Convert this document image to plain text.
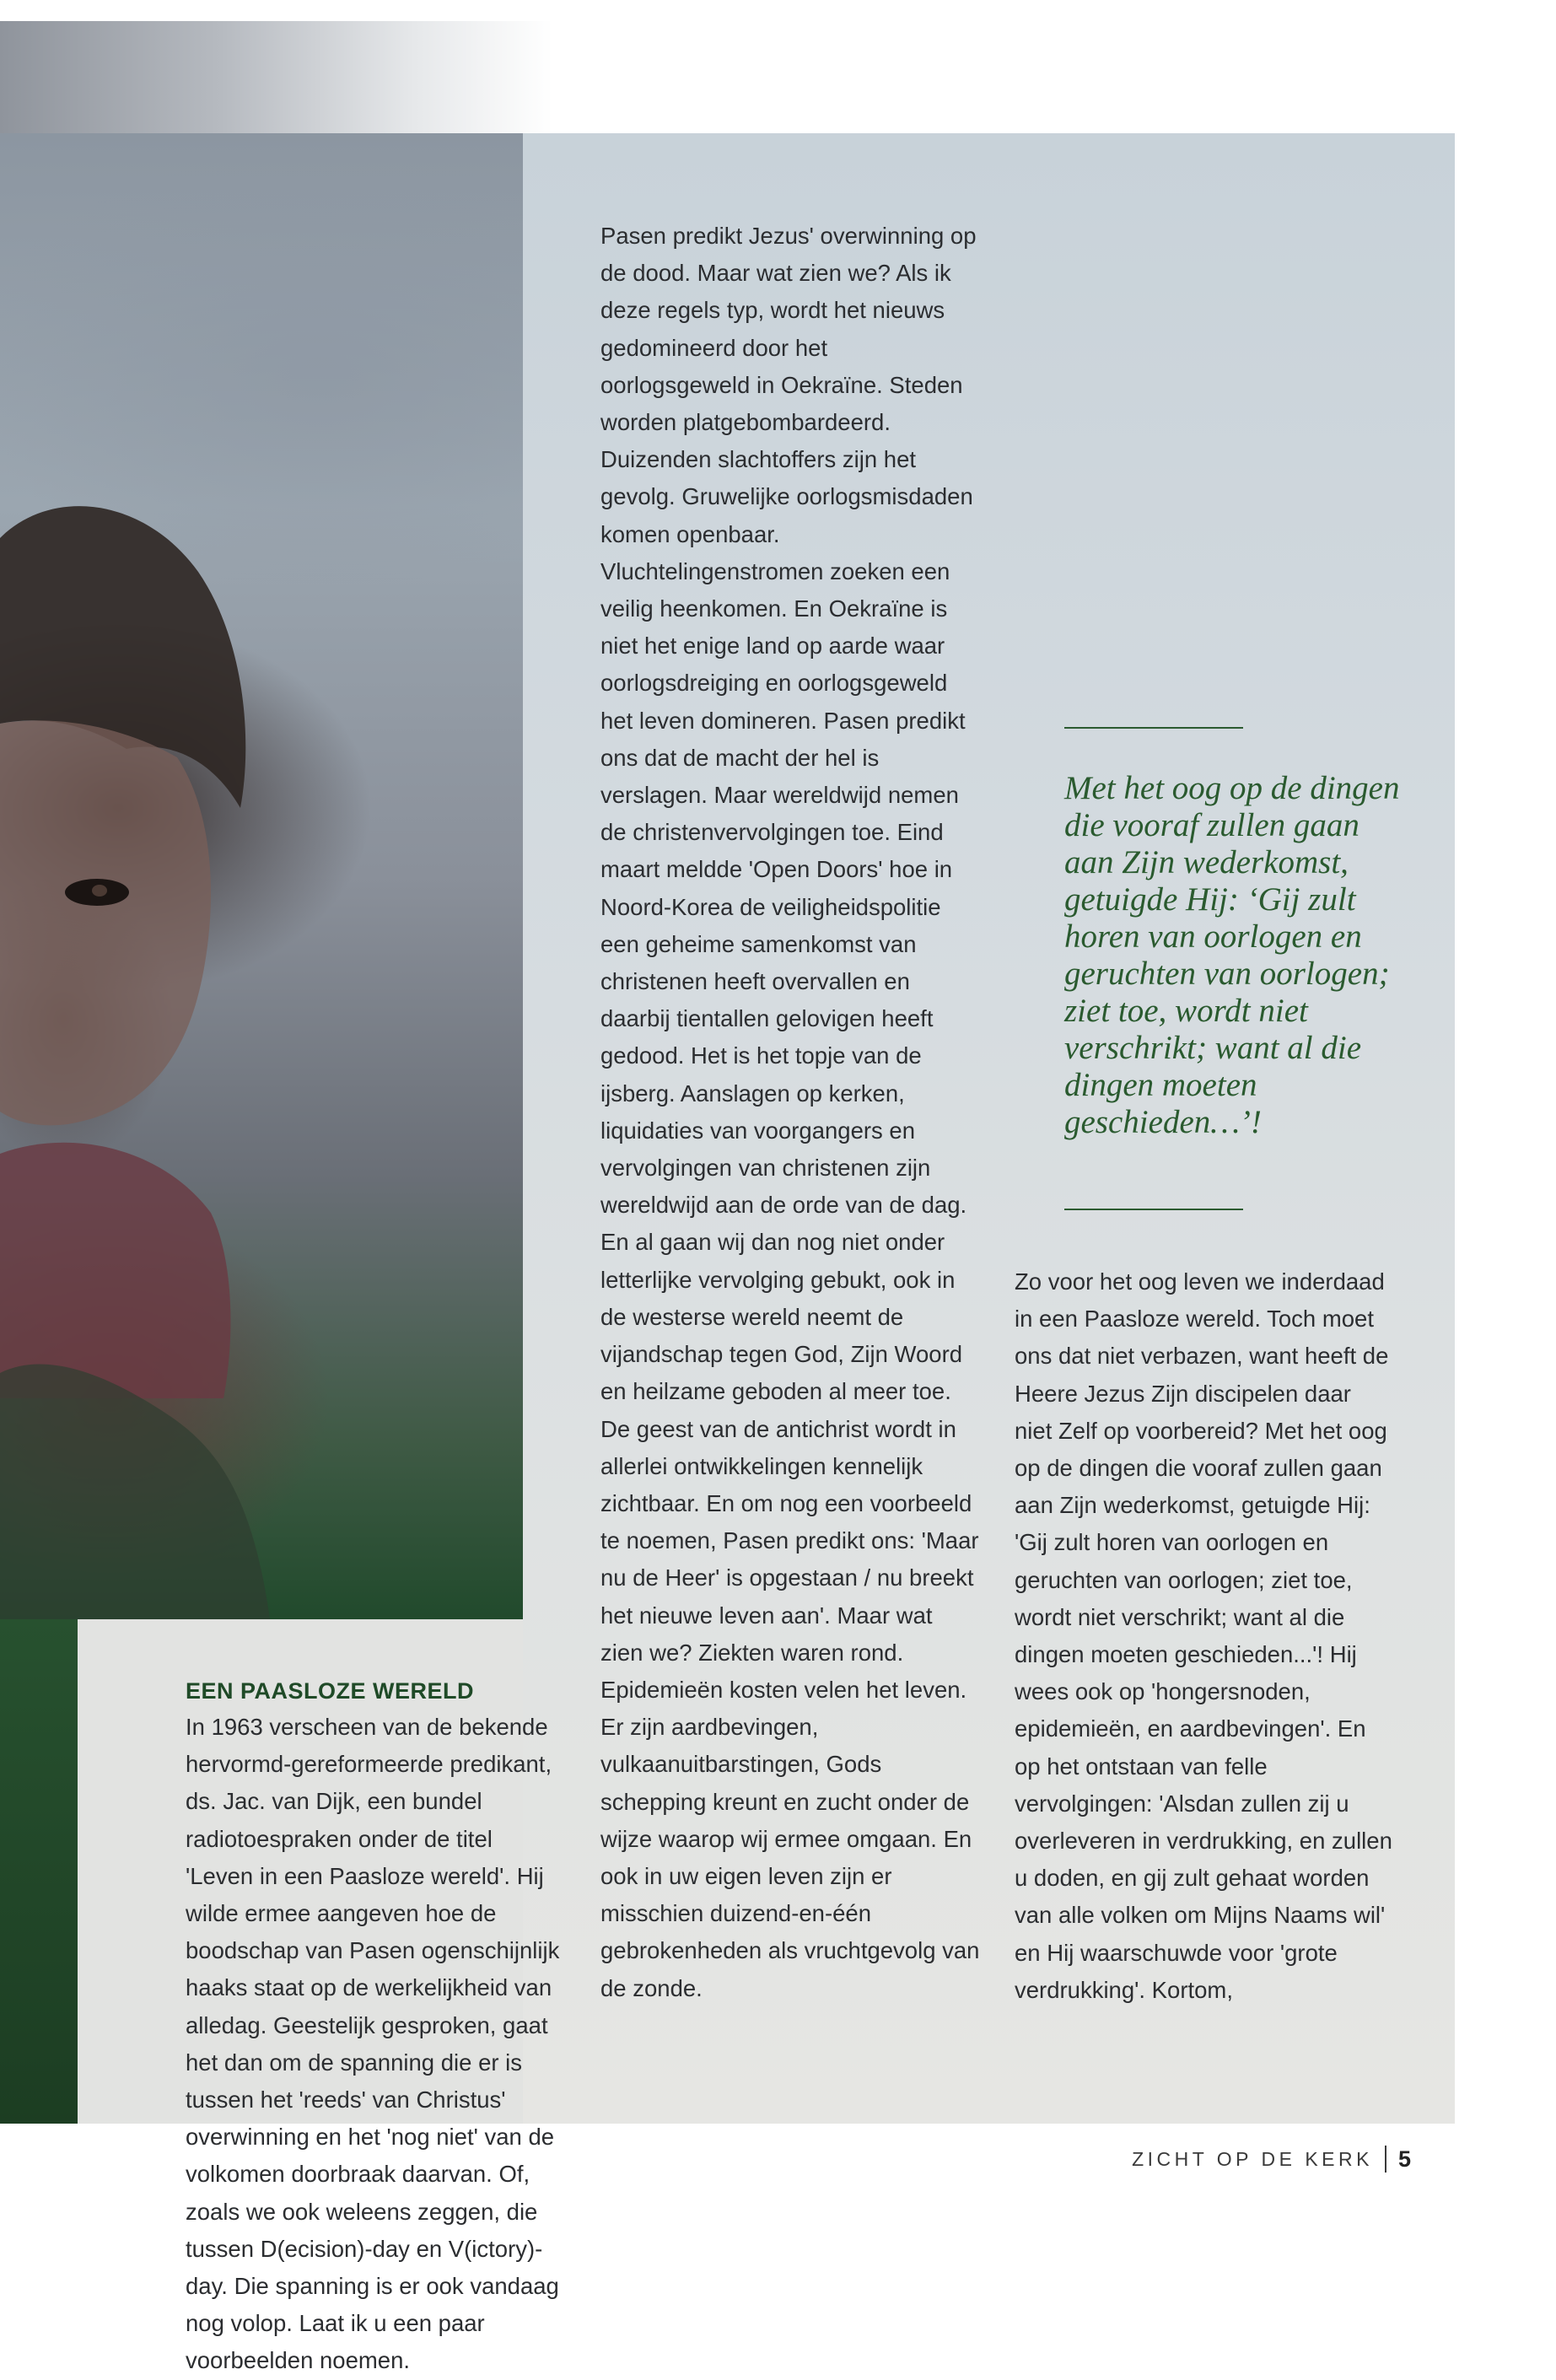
EEN PAASLOZE WERELD

In 1963 verscheen van de bekende hervormd-gereformeerde predikant, ds. Jac. van Dijk, een bundel radiotoespraken onder de titel 'Leven in een Paasloze wereld'. Hij wilde ermee aangeven hoe de boodschap van Pasen ogenschijnlijk haaks staat op de werkelijkheid van alledag. Geestelijk gesproken, gaat het dan om de spanning die er is tussen het 'reeds' van Christus' overwinning en het 'nog niet' van de volkomen doorbraak daarvan. Of, zoals we ook weleens zeggen, die tussen D(ecision)-day en V(ictory)-day. Die spanning is er ook vandaag nog volop. Laat ik u een paar voorbeelden noemen.

Pasen predikt Jezus' overwinning op de dood. Maar wat zien we? Als ik deze regels typ, wordt het nieuws gedomineerd door het oorlogsgeweld in Oekraïne. Steden worden platgebombardeerd. Duizenden slachtoffers zijn het gevolg. Gruwelijke oorlogsmisdaden komen openbaar. Vluchtelingenstromen zoeken een veilig heenkomen. En Oekraïne is niet het enige land op aarde waar oorlogsdreiging en oorlogsgeweld het leven domineren. Pasen predikt ons dat de macht der hel is verslagen. Maar wereldwijd nemen de christenvervolgingen toe. Eind maart meldde 'Open Doors' hoe in Noord-Korea de veiligheidspolitie een geheime samenkomst van christenen heeft overvallen en daarbij tientallen gelovigen heeft gedood. Het is het topje van de ijsberg. Aanslagen op kerken, liquidaties van voorgangers en vervolgingen van christenen zijn wereldwijd aan de orde van de dag. En al gaan wij dan nog niet onder letterlijke vervolging gebukt, ook in de westerse wereld neemt de vijandschap tegen God, Zijn Woord en heilzame geboden al meer toe. De geest van de antichrist wordt in allerlei ontwikkelingen kennelijk zichtbaar. En om nog een voorbeeld te noemen, Pasen predikt ons: 'Maar nu de Heer' is opgestaan / nu breekt het nieuwe leven aan'. Maar wat zien we? Ziekten waren rond. Epidemieën kosten velen het leven. Er zijn aardbevingen, vulkaanuitbarstingen, Gods schepping kreunt en zucht onder de wijze waarop wij ermee omgaan. En ook in uw eigen leven zijn er misschien duizend-en-één gebrokenheden als vruchtgevolg van de zonde.

Met het oog op de dingen die vooraf zullen gaan aan Zijn wederkomst, getuigde Hij: ‘Gij zult horen van oorlogen en geruchten van oorlogen; ziet toe, wordt niet verschrikt; want al die dingen moeten geschieden…’!

Zo voor het oog leven we inderdaad in een Paasloze wereld. Toch moet ons dat niet verbazen, want heeft de Heere Jezus Zijn discipelen daar niet Zelf op voorbereid? Met het oog op de dingen die vooraf zullen gaan aan Zijn wederkomst, getuigde Hij: 'Gij zult horen van oorlogen en geruchten van oorlogen; ziet toe, wordt niet verschrikt; want al die dingen moeten geschieden...'! Hij wees ook op 'hongersnoden, epidemieën, en aardbevingen'. En op het ontstaan van felle vervolgingen: 'Alsdan zullen zij u overleveren in verdrukking, en zullen u doden, en gij zult gehaat worden van alle volken om Mijns Naams wil' en Hij waarschuwde voor 'grote verdrukking'. Kortom,

ZICHT OP DE KERK 5
